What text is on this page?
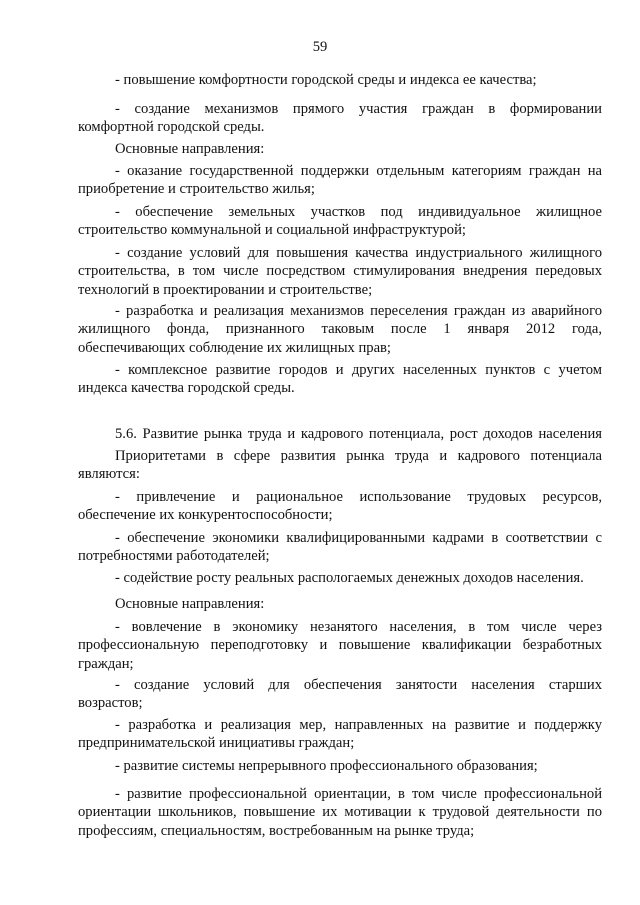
59
- повышение комфортности городской среды и индекса ее качества;
- создание механизмов прямого участия граждан в формировании
комфортной городской среды.
Основные направления:
- оказание государственной поддержки отдельным категориям граждан на
приобретение и строительство жилья;
- обеспечение земельных участков под индивидуальное жилищное
строительство коммунальной и социальной инфраструктурой;
- создание условий для повышения качества индустриального жилищного
строительства, в том числе посредством стимулирования внедрения передовых
технологий в проектировании и строительстве;
- разработка и реализация механизмов переселения граждан из аварийного
жилищного фонда, признанного таковым после 1 января 2012 года,
обеспечивающих соблюдение их жилищных прав;
- комплексное развитие городов и других населенных пунктов с учетом
индекса качества городской среды.
5.6. Развитие рынка труда и кадрового потенциала, рост доходов населения
Приоритетами в сфере развития рынка труда и кадрового потенциала
являются:
- привлечение и рациональное использование трудовых ресурсов,
обеспечение их конкурентоспособности;
- обеспечение экономики квалифицированными кадрами в соответствии с
потребностями работодателей;
- содействие росту реальных распологаемых денежных доходов населения.
Основные направления:
- вовлечение в экономику незанятого населения, в том числе через
профессиональную переподготовку и повышение квалификации безработных
граждан;
- создание условий для обеспечения занятости населения старших
возрастов;
- разработка и реализация мер, направленных на развитие и поддержку
предпринимательской инициативы граждан;
- развитие системы непрерывного профессионального образования;
- развитие профессиональной ориентации, в том числе профессиональной
ориентации школьников, повышение их мотивации к трудовой деятельности по
профессиям, специальностям, востребованным на рынке труда;
